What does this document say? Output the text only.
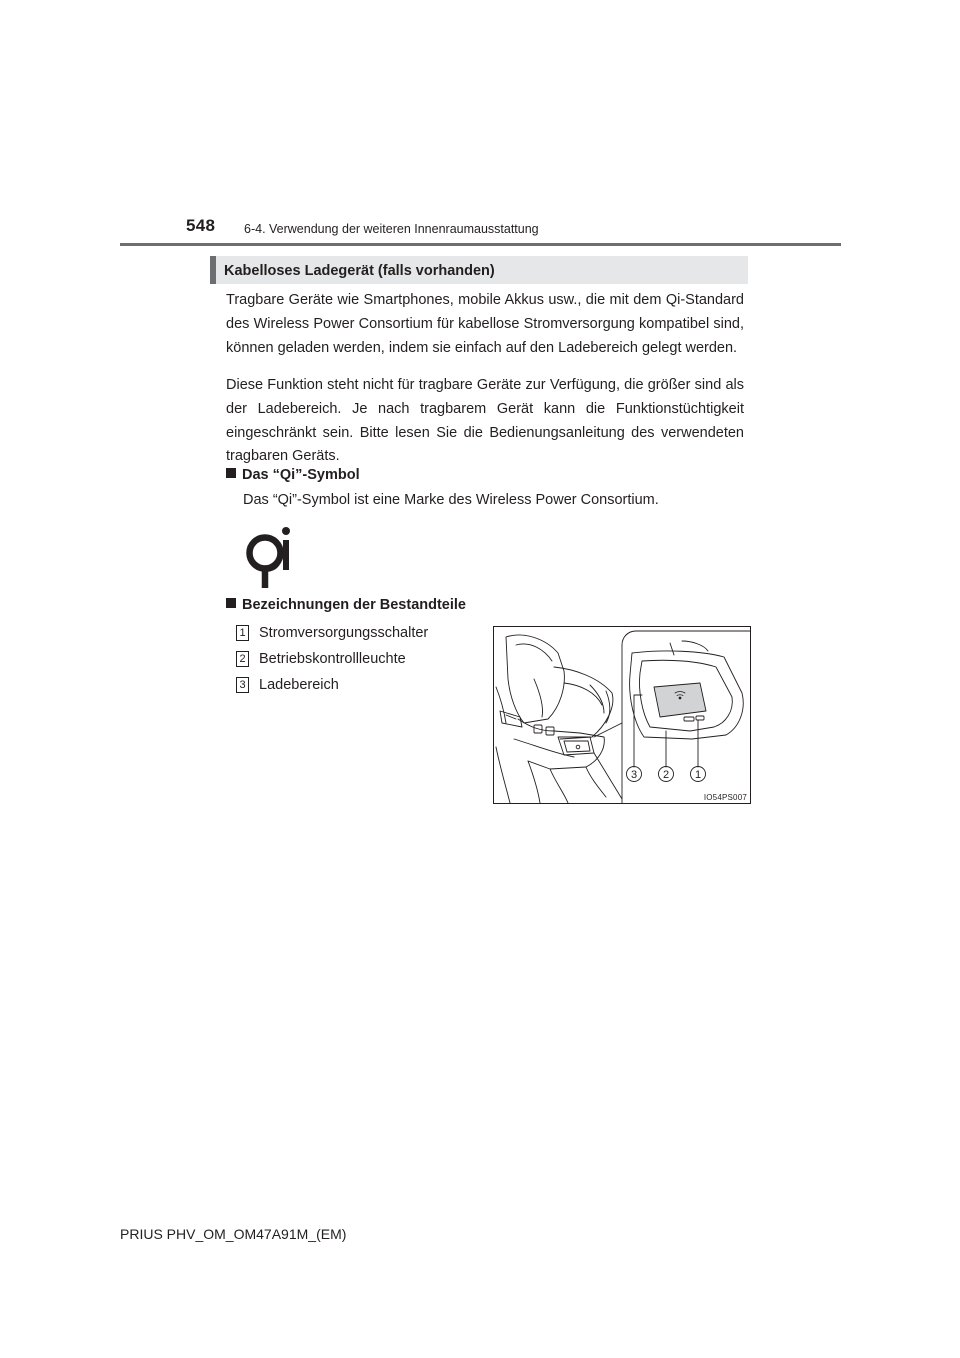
548 6-4. Verwendung der weiteren Innenraumausstattung
Kabelloses Ladegerät (falls vorhanden)

Tragbare Geräte wie Smartphones, mobile Akkus usw., die mit dem Qi-Standard des Wireless Power Consortium für kabellose Stromversorgung kompatibel sind, können geladen werden, indem sie einfach auf den Ladebereich gelegt werden.

Diese Funktion steht nicht für tragbare Geräte zur Verfügung, die größer sind als der Ladebereich. Je nach tragbarem Gerät kann die Funktionstüchtigkeit eingeschränkt sein. Bitte lesen Sie die Bedienungsanleitung des verwendeten tragbaren Geräts.

Das “Qi”-Symbol
Das “Qi”-Symbol ist eine Marke des Wireless Power Consortium.
Bezeichnungen der Bestandteile
1 Stromversorgungsschalter
2 Betriebskontrollleuchte
3 Ladebereich
3 2 1
IO54PS007
PRIUS PHV_OM_OM47A91M_(EM)
